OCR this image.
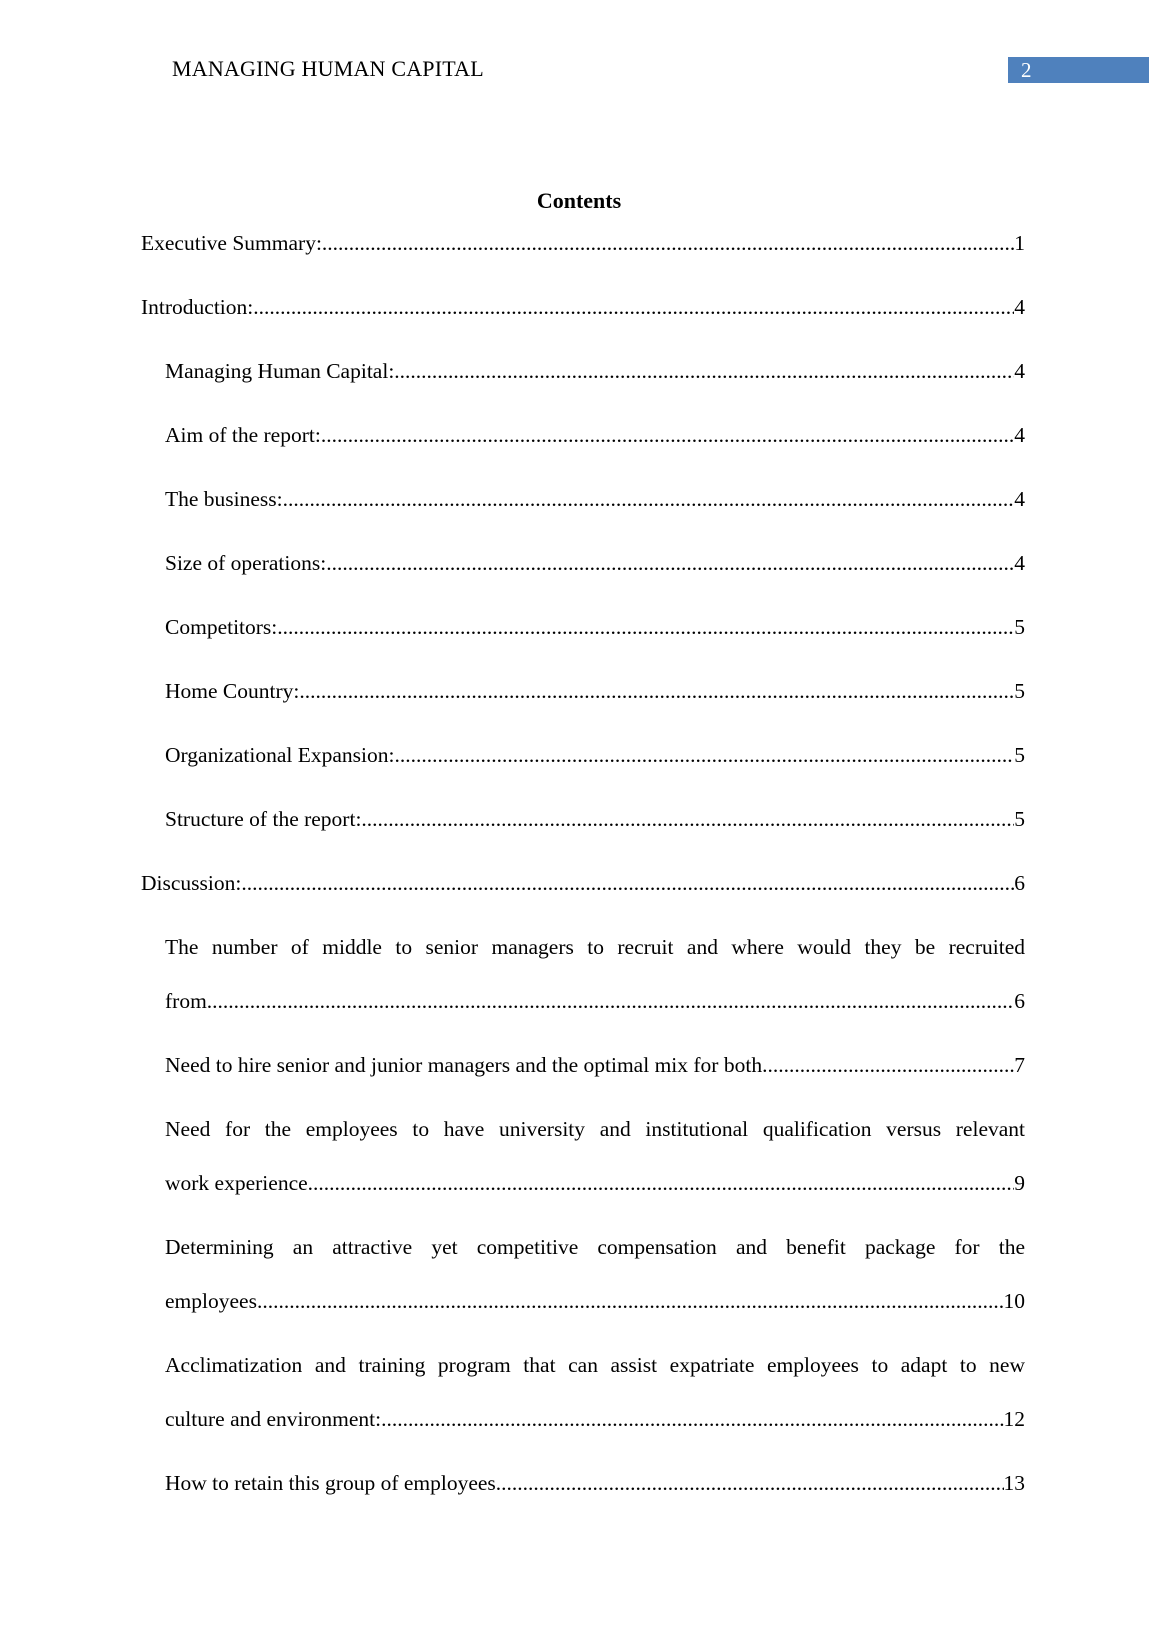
MANAGING HUMAN CAPITAL	2
Contents
Executive Summary: .....	1
Introduction: .....	4
Managing Human Capital: .....	4
Aim of the report: .....	4
The business: .....	4
Size of operations: .....	4
Competitors: .....	5
Home Country: .....	5
Organizational Expansion: .....	5
Structure of the report: .....	5
Discussion: .....	6
The number of middle to senior managers to recruit and where would they be recruited
from .....	6
Need to hire senior and junior managers and the optimal mix for both .....	7
Need for the employees to have university and institutional qualification versus relevant
work experience .....	9
Determining an attractive yet competitive compensation and benefit package for the
employees .....	10
Acclimatization and training program that can assist expatriate employees to adapt to new
culture and environment: .....	12
How to retain this group of employees .....	13
